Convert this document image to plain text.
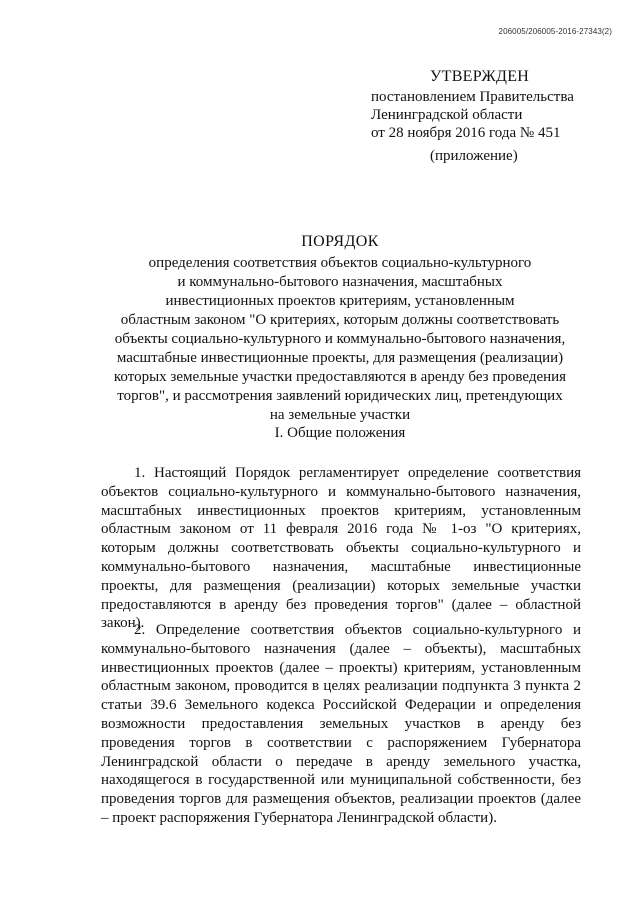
206005/206005-2016-27343(2)
УТВЕРЖДЕН
постановлением Правительства
Ленинградской области
от 28 ноября 2016 года № 451
(приложение)
ПОРЯДОК
определения соответствия объектов социально-культурного
и коммунально-бытового назначения, масштабных
инвестиционных проектов критериям, установленным
областным законом "О критериях, которым должны соответствовать
объекты социально-культурного и коммунально-бытового назначения,
масштабные инвестиционные проекты, для размещения (реализации)
которых земельные участки предоставляются в аренду без проведения
торгов", и рассмотрения заявлений юридических лиц, претендующих
на земельные участки
I. Общие положения

1. Настоящий Порядок регламентирует определение соответствия объектов социально-культурного и коммунально-бытового назначения, масштабных инвестиционных проектов критериям, установленным областным законом от 11 февраля 2016 года № 1-оз "О критериях, которым должны соответствовать объекты социально-культурного и коммунально-бытового назначения, масштабные инвестиционные проекты, для размещения (реализации) которых земельные участки предоставляются в аренду без проведения торгов" (далее – областной закон).

2. Определение соответствия объектов социально-культурного и коммунально-бытового назначения (далее – объекты), масштабных инвестиционных проектов (далее – проекты) критериям, установленным областным законом, проводится в целях реализации подпункта 3 пункта 2 статьи 39.6 Земельного кодекса Российской Федерации и определения возможности предоставления земельных участков в аренду без проведения торгов в соответствии с распоряжением Губернатора Ленинградской области о передаче в аренду земельного участка, находящегося в государственной или муниципальной собственности, без проведения торгов для размещения объектов, реализации проектов (далее – проект распоряжения Губернатора Ленинградской области).
